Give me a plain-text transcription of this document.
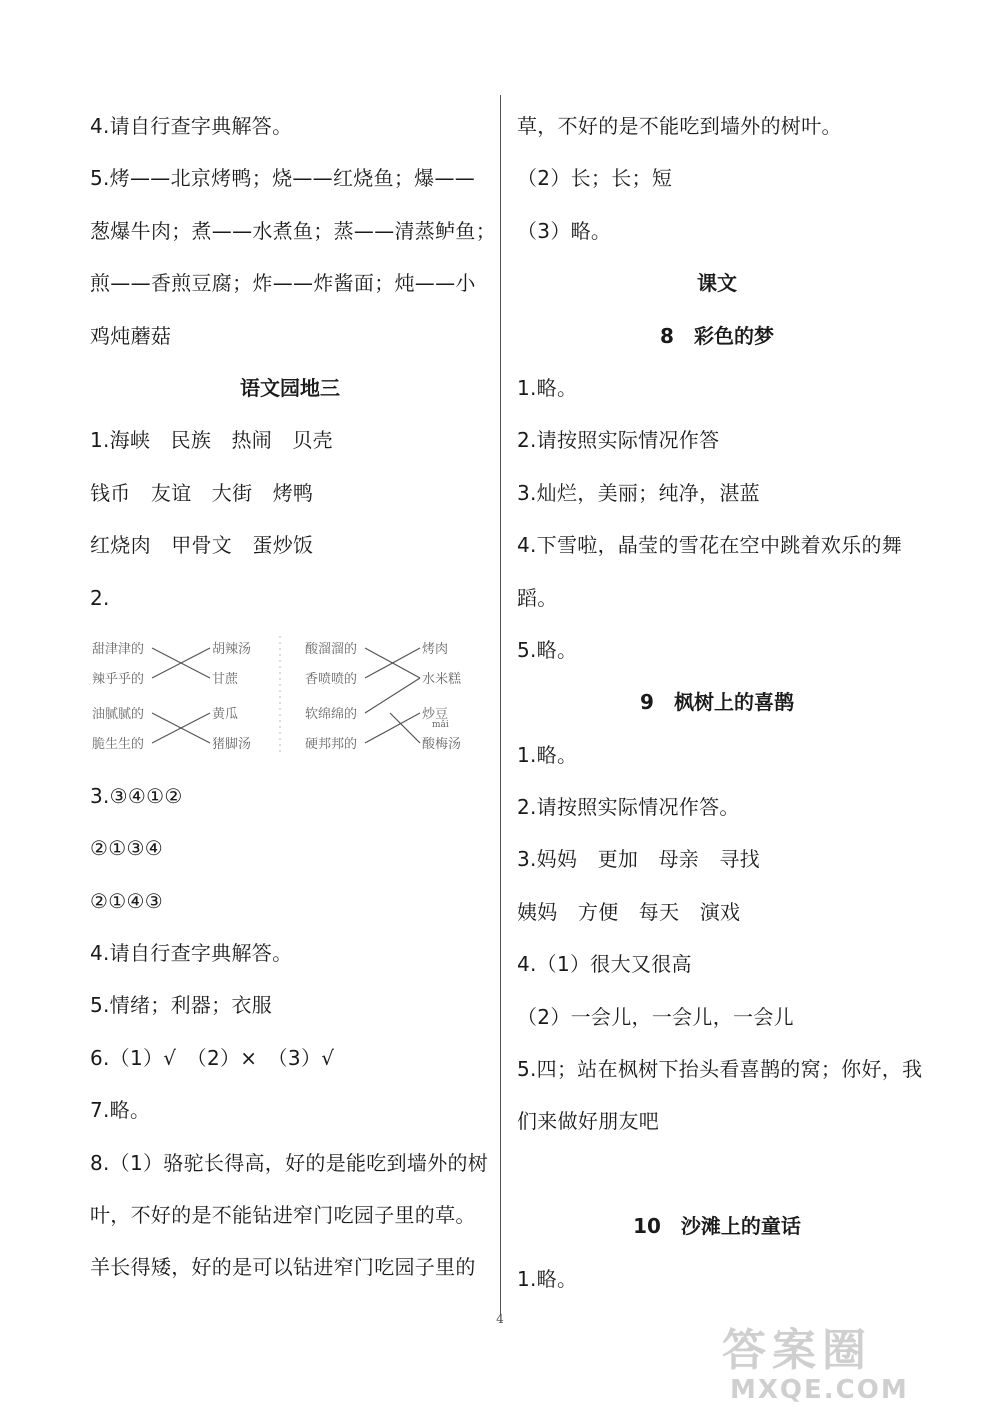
4.请自行查字典解答。
5.烤——北京烤鸭；烧——红烧鱼；爆——
葱爆牛肉；煮——水煮鱼；蒸——清蒸鲈鱼；
煎——香煎豆腐；炸——炸酱面；炖——小
鸡炖蘑菇
语文园地三
1.海峡　民族　热闹　贝壳
钱币　友谊　大街　烤鸭
红烧肉　甲骨文　蛋炒饭
2.
甜津津的
辣乎乎的
油腻腻的
脆生生的
胡辣汤
甘蔗
黄瓜
猪脚汤
酸溜溜的
香喷喷的
软绵绵的
硬邦邦的
烤肉
水米糕
炒豆
酸梅汤
mǎi
3.③④①②
②①③④
②①④③
4.请自行查字典解答。
5.情绪；利器；衣服
6.（1）√　（2）×　（3）√
7.略。
8.（1）骆驼长得高，好的是能吃到墙外的树
叶，不好的是不能钻进窄门吃园子里的草。
羊长得矮，好的是可以钻进窄门吃园子里的
草，不好的是不能吃到墙外的树叶。
（2）长；长；短
（3）略。
课文
8　彩色的梦
1.略。
2.请按照实际情况作答
3.灿烂，美丽；纯净，湛蓝
4.下雪啦，晶莹的雪花在空中跳着欢乐的舞
蹈。
5.略。
9　枫树上的喜鹊
1.略。
2.请按照实际情况作答。
3.妈妈　更加　母亲　寻找
姨妈　方便　每天　演戏
4.（1）很大又很高
（2）一会儿，一会儿，一会儿
5.四；站在枫树下抬头看喜鹊的窝；你好，我
们来做好朋友吧
10　沙滩上的童话
1.略。
4
答案圈
MXQE.COM
